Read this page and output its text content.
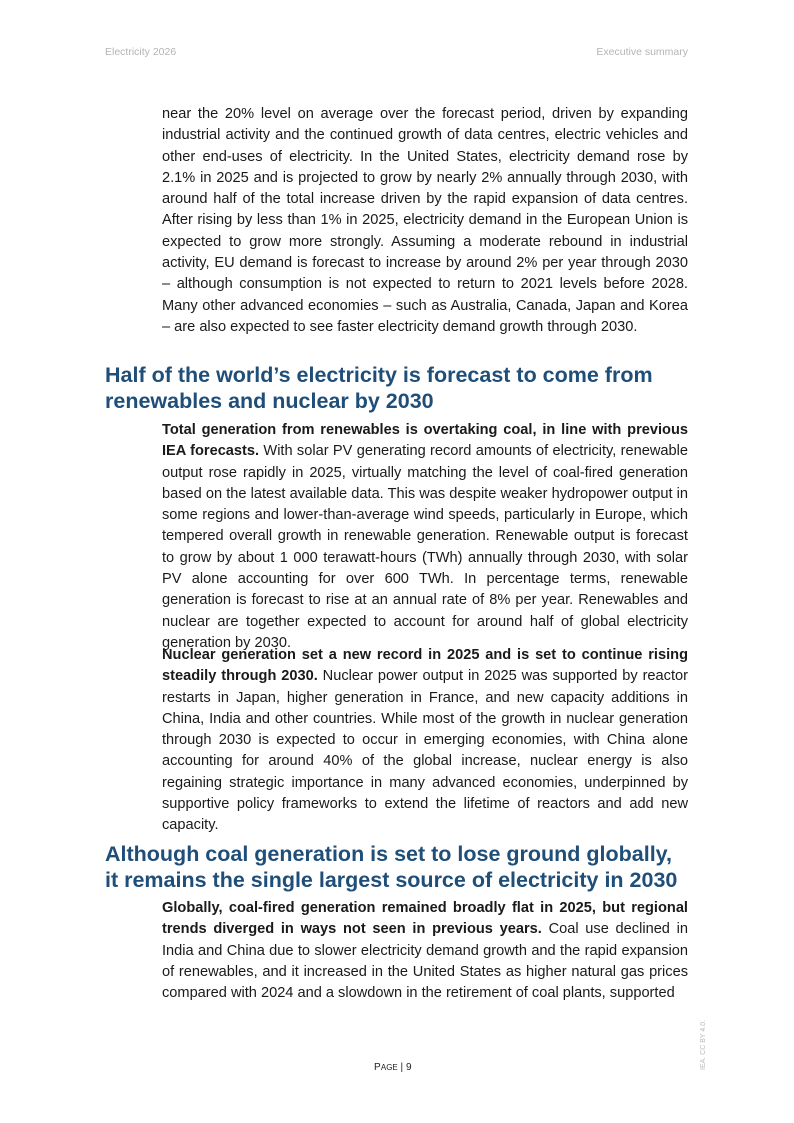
Electricity 2026	Executive summary

near the 20% level on average over the forecast period, driven by expanding industrial activity and the continued growth of data centres, electric vehicles and other end-uses of electricity. In the United States, electricity demand rose by 2.1% in 2025 and is projected to grow by nearly 2% annually through 2030, with around half of the total increase driven by the rapid expansion of data centres. After rising by less than 1% in 2025, electricity demand in the European Union is expected to grow more strongly. Assuming a moderate rebound in industrial activity, EU demand is forecast to increase by around 2% per year through 2030 – although consumption is not expected to return to 2021 levels before 2028. Many other advanced economies – such as Australia, Canada, Japan and Korea – are also expected to see faster electricity demand growth through 2030.

Half of the world’s electricity is forecast to come from
renewables and nuclear by 2030

Total generation from renewables is overtaking coal, in line with previous IEA forecasts. With solar PV generating record amounts of electricity, renewable output rose rapidly in 2025, virtually matching the level of coal-fired generation based on the latest available data. This was despite weaker hydropower output in some regions and lower-than-average wind speeds, particularly in Europe, which tempered overall growth in renewable generation. Renewable output is forecast to grow by about 1 000 terawatt-hours (TWh) annually through 2030, with solar PV alone accounting for over 600 TWh. In percentage terms, renewable generation is forecast to rise at an annual rate of 8% per year. Renewables and nuclear are together expected to account for around half of global electricity generation by 2030.

Nuclear generation set a new record in 2025 and is set to continue rising steadily through 2030. Nuclear power output in 2025 was supported by reactor restarts in Japan, higher generation in France, and new capacity additions in China, India and other countries. While most of the growth in nuclear generation through 2030 is expected to occur in emerging economies, with China alone accounting for around 40% of the global increase, nuclear energy is also regaining strategic importance in many advanced economies, underpinned by supportive policy frameworks to extend the lifetime of reactors and add new capacity.

Although coal generation is set to lose ground globally,
it remains the single largest source of electricity in 2030

Globally, coal-fired generation remained broadly flat in 2025, but regional trends diverged in ways not seen in previous years. Coal use declined in India and China due to slower electricity demand growth and the rapid expansion of renewables, and it increased in the United States as higher natural gas prices compared with 2024 and a slowdown in the retirement of coal plants, supported

PAGE | 9	IEA. CC BY 4.0.
